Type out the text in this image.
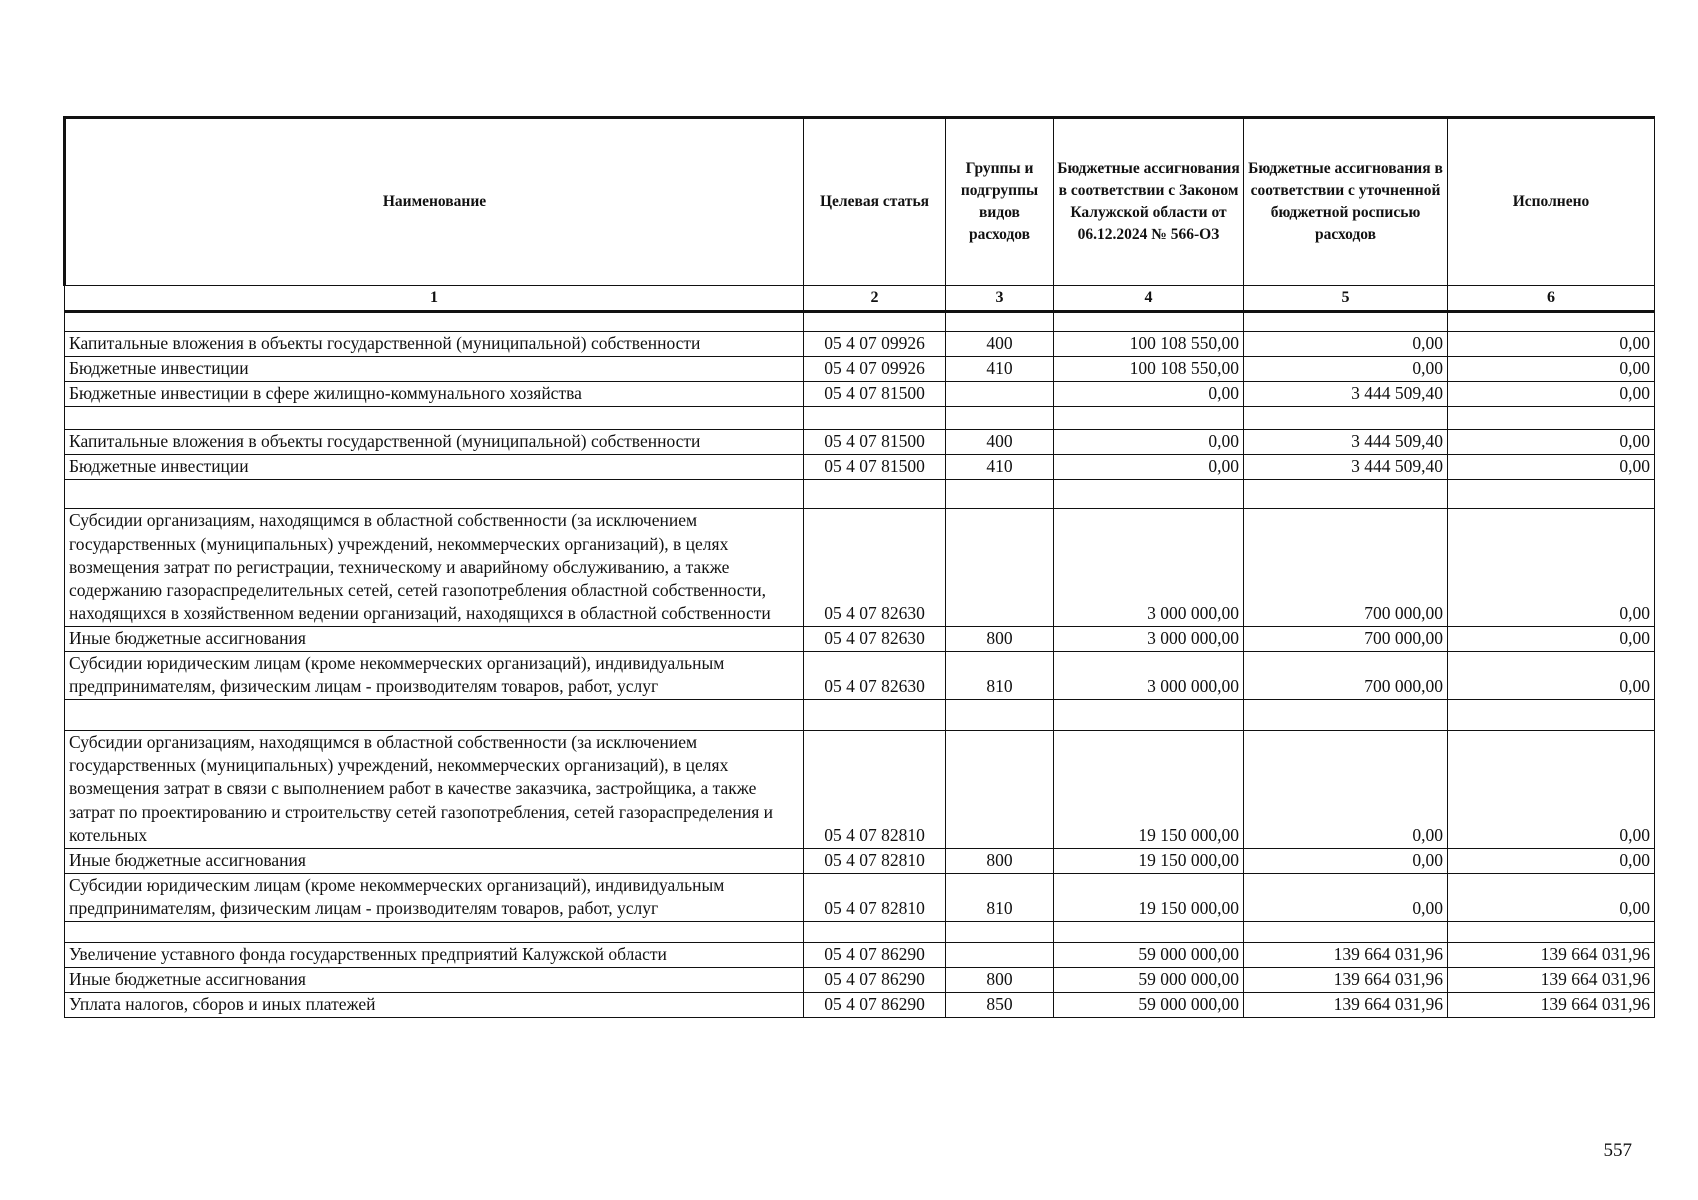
Наименование	Целевая статья	Группы и подгруппы видов расходов	Бюджетные ассигнования в соответствии с Законом Калужской области от 06.12.2024 № 566-ОЗ	Бюджетные ассигнования в соответствии с уточненной бюджетной росписью расходов	Исполнено
1	2	3	4	5	6

Капитальные вложения в объекты государственной (муниципальной) собственности	05 4 07 09926	400	100 108 550,00	0,00	0,00
Бюджетные инвестиции	05 4 07 09926	410	100 108 550,00	0,00	0,00
Бюджетные инвестиции в сфере жилищно-коммунального хозяйства	05 4 07 81500		0,00	3 444 509,40	0,00

Капитальные вложения в объекты государственной (муниципальной) собственности	05 4 07 81500	400	0,00	3 444 509,40	0,00
Бюджетные инвестиции	05 4 07 81500	410	0,00	3 444 509,40	0,00

Субсидии организациям, находящимся в областной собственности (за исключением государственных (муниципальных) учреждений, некоммерческих организаций), в целях возмещения затрат по регистрации, техническому и аварийному обслуживанию, а также содержанию газораспределительных сетей, сетей газопотребления областной собственности, находящихся в хозяйственном ведении организаций, находящихся в областной собственности	05 4 07 82630		3 000 000,00	700 000,00	0,00
Иные бюджетные ассигнования	05 4 07 82630	800	3 000 000,00	700 000,00	0,00
Субсидии юридическим лицам (кроме некоммерческих организаций), индивидуальным предпринимателям, физическим лицам - производителям товаров, работ, услуг	05 4 07 82630	810	3 000 000,00	700 000,00	0,00

Субсидии организациям, находящимся в областной собственности (за исключением государственных (муниципальных) учреждений, некоммерческих организаций), в целях возмещения затрат в связи с выполнением работ в качестве заказчика, застройщика, а также затрат по проектированию и строительству сетей газопотребления, сетей газораспределения и котельных	05 4 07 82810		19 150 000,00	0,00	0,00
Иные бюджетные ассигнования	05 4 07 82810	800	19 150 000,00	0,00	0,00
Субсидии юридическим лицам (кроме некоммерческих организаций), индивидуальным предпринимателям, физическим лицам - производителям товаров, работ, услуг	05 4 07 82810	810	19 150 000,00	0,00	0,00

Увеличение уставного фонда государственных предприятий Калужской области	05 4 07 86290		59 000 000,00	139 664 031,96	139 664 031,96
Иные бюджетные ассигнования	05 4 07 86290	800	59 000 000,00	139 664 031,96	139 664 031,96
Уплата налогов, сборов и иных платежей	05 4 07 86290	850	59 000 000,00	139 664 031,96	139 664 031,96
557
